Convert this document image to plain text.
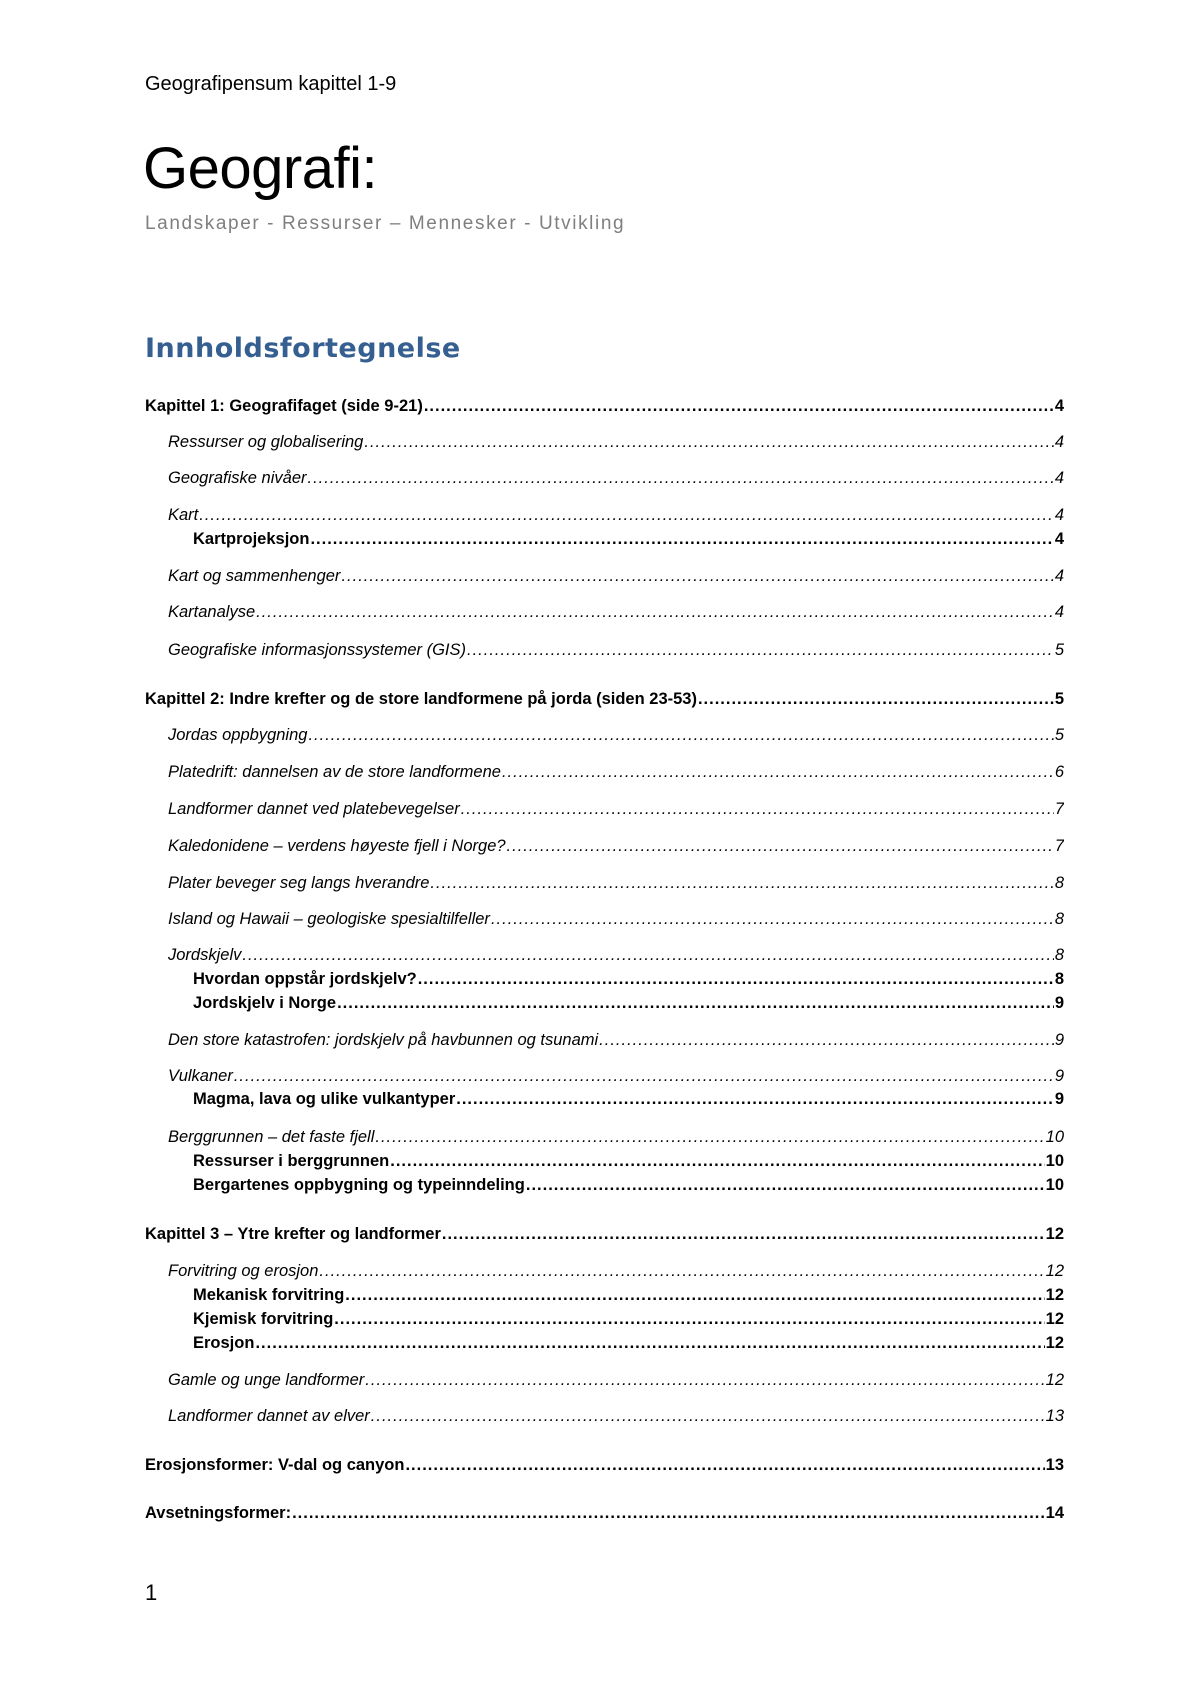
Geografipensum kapittel 1-9
Geografi:
Landskaper - Ressurser – Mennesker - Utvikling
Innholdsfortegnelse
Kapittel 1: Geografifaget (side 9-21) .....	4
Ressurser og globalisering .....	4
Geografiske nivåer .....	4
Kart .....	4
Kartprojeksjon .....	4
Kart og sammenhenger .....	4
Kartanalyse .....	4
Geografiske informasjonssystemer (GIS) .....	5
Kapittel 2: Indre krefter og de store landformene på jorda (siden 23-53) .....	5
Jordas oppbygning .....	5
Platedrift: dannelsen av de store landformene .....	6
Landformer dannet ved platebevegelser .....	7
Kaledonidene – verdens høyeste fjell i Norge? .....	7
Plater beveger seg langs hverandre .....	8
Island og Hawaii – geologiske spesialtilfeller .....	8
Jordskjelv .....	8
Hvordan oppstår jordskjelv? .....	8
Jordskjelv i Norge .....	9
Den store katastrofen: jordskjelv på havbunnen og tsunami .....	9
Vulkaner .....	9
Magma, lava og ulike vulkantyper .....	9
Berggrunnen – det faste fjell .....	10
Ressurser i berggrunnen .....	10
Bergartenes oppbygning og typeinndeling .....	10
Kapittel 3 – Ytre krefter og landformer .....	12
Forvitring og erosjon .....	12
Mekanisk forvitring .....	12
Kjemisk forvitring .....	12
Erosjon .....	12
Gamle og unge landformer .....	12
Landformer dannet av elver .....	13
Erosjonsformer: V-dal og canyon .....	13
Avsetningsformer: .....	14
1
